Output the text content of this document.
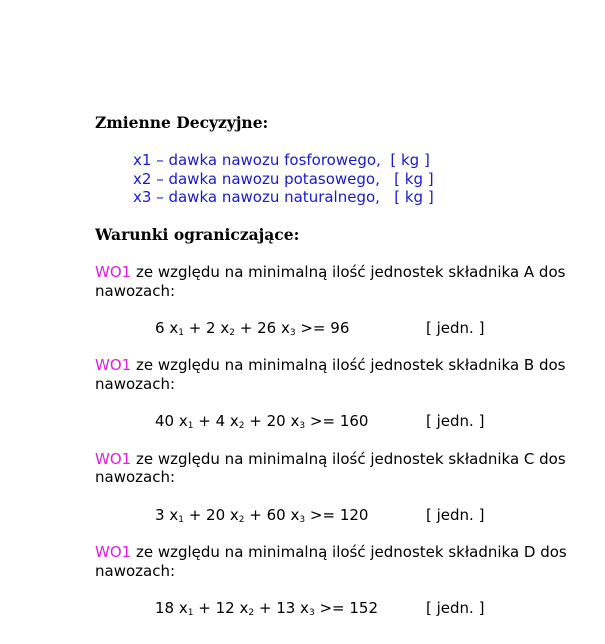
Zmienne Decyzyjne:
x1 – dawka nawozu fosforowego, [ kg ]
x2 – dawka nawozu potasowego, [ kg ]
x3 – dawka nawozu naturalnego, [ kg ]
Warunki ograniczające:
WO1 ze względu na minimalną ilość jednostek składnika A dos
nawozach:
6 $x_1 + 2$ $x_2 + 26$ $x_3 >= 96$	[ jedn. ]
WO1 ze względu na minimalną ilość jednostek składnika B dos
nawozach:
40 $x_1 + 4$ $x_2 + 20$ $x_3 >= 160$	[ jedn. ]
WO1 ze względu na minimalną ilość jednostek składnika C dos
nawozach:
3 $x_1 + 20$ $x_2 + 60$ $x_3 >= 120$	[ jedn. ]
WO1 ze względu na minimalną ilość jednostek składnika D dos
nawozach:
18 $x_1 + 12$ $x_2 + 13$ $x_3 >= 152$	[ jedn. ]
